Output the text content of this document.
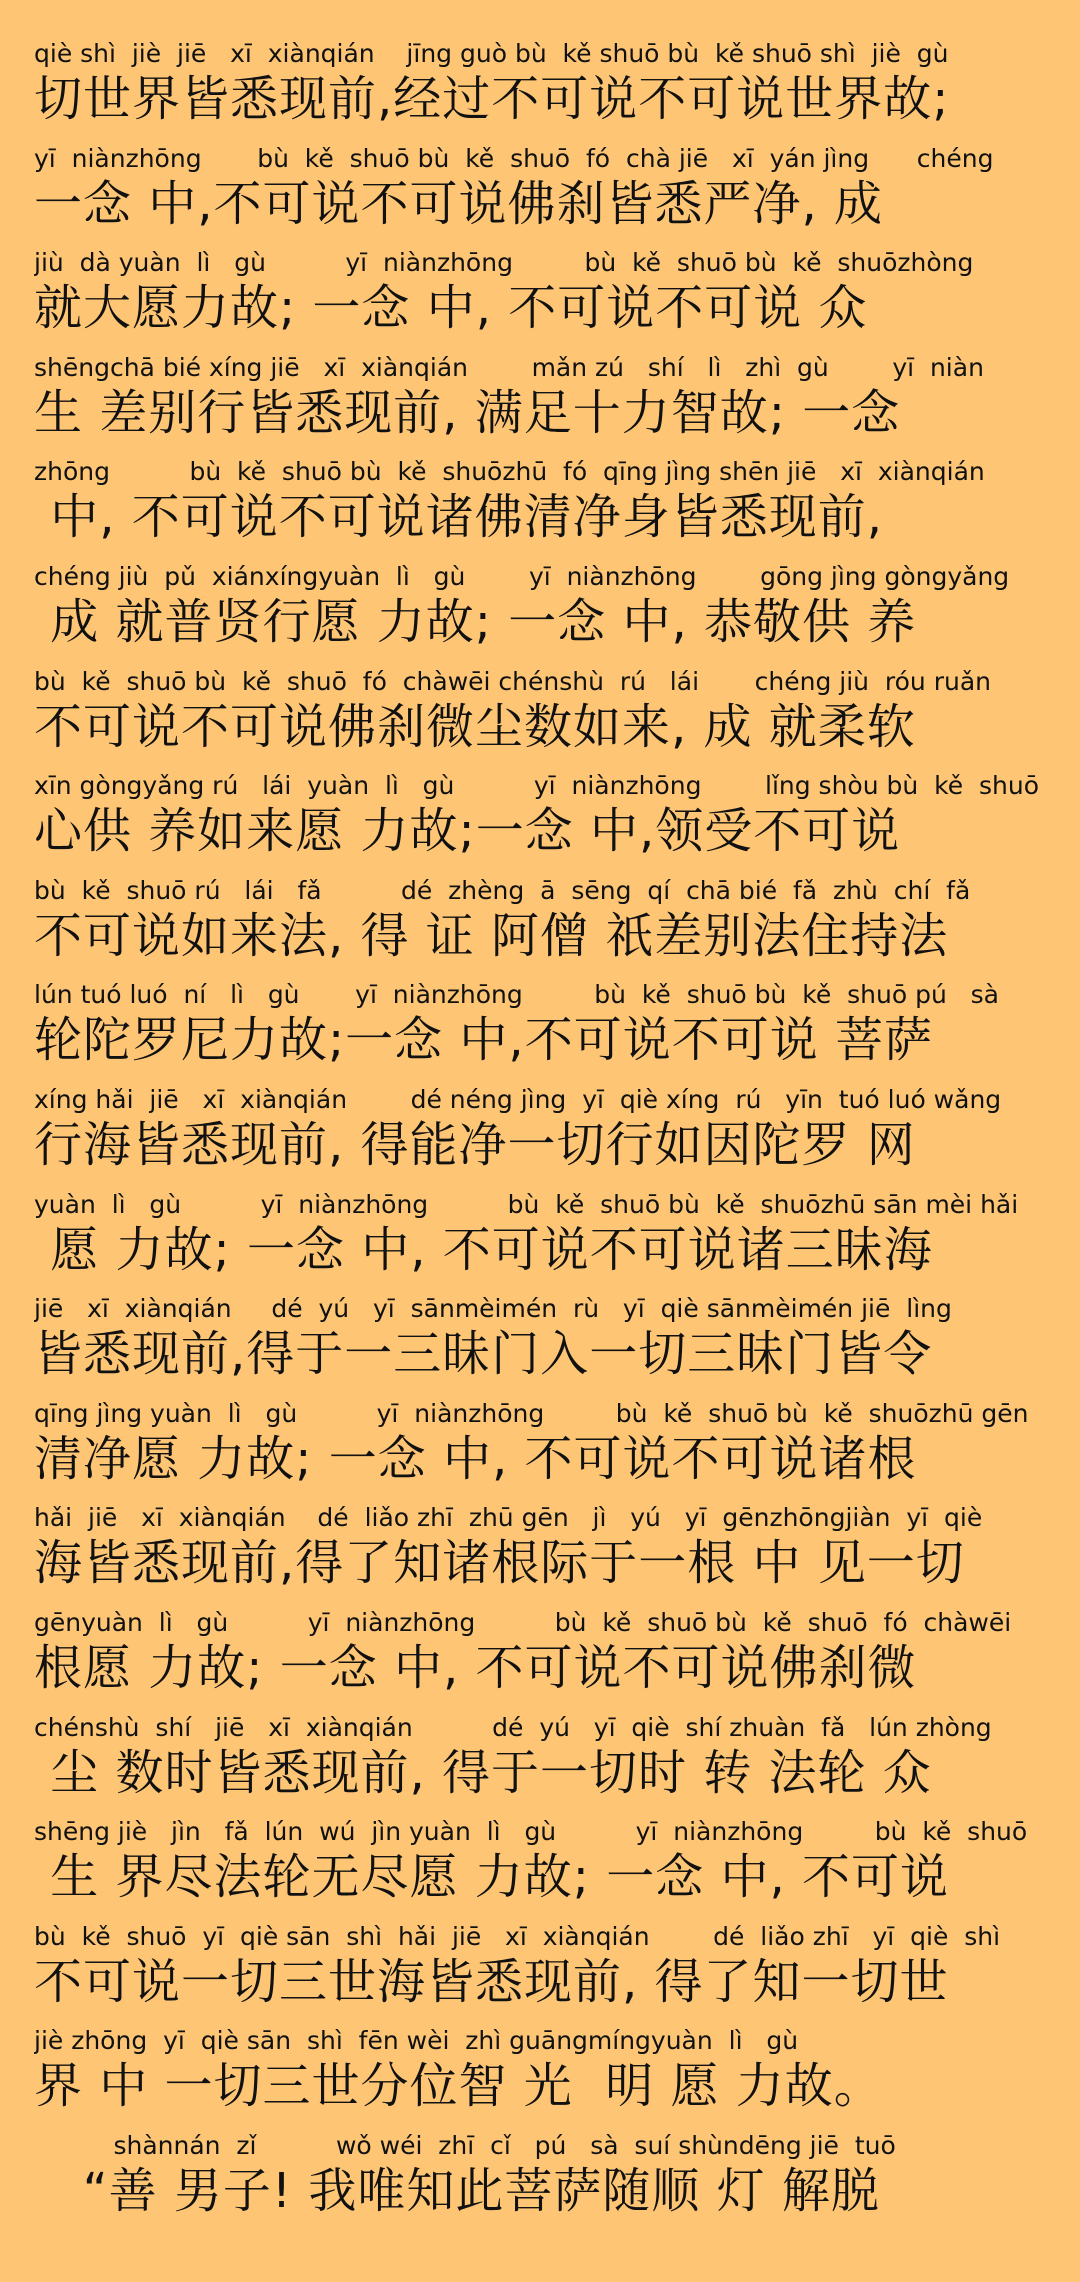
qiè shì  jiè  jiē   xī  xiànqián    jīng guò bù  kě shuō bù  kě shuō shì  jiè  gù
切世界皆悉现前,经过不可说不可说世界故;
yī  niànzhōng       bù  kě  shuō bù  kě  shuō  fó  chà jiē   xī  yán jìng      chéng
一念 中,不可说不可说佛刹皆悉严净, 成
jiù  dà yuàn  lì   gù          yī  niànzhōng         bù  kě  shuō bù  kě  shuōzhòng
就大愿力故; 一念 中, 不可说不可说 众
shēngchā bié xíng jiē   xī  xiànqián        mǎn zú   shí   lì   zhì  gù        yī  niàn
生 差别行皆悉现前, 满足十力智故; 一念
zhōng          bù  kě  shuō bù  kě  shuōzhū  fó  qīng jìng shēn jiē   xī  xiànqián
中, 不可说不可说诸佛清净身皆悉现前,
chéng jiù  pǔ  xiánxíngyuàn  lì   gù        yī  niànzhōng        gōng jìng gòngyǎng
成 就普贤行愿 力故; 一念 中, 恭敬供 养
bù  kě  shuō bù  kě  shuō  fó  chàwēi chénshù  rú   lái       chéng jiù  róu ruǎn
不可说不可说佛刹微尘数如来, 成 就柔软
xīn gòngyǎng rú   lái  yuàn  lì   gù          yī  niànzhōng        lǐng shòu bù  kě  shuō
心供 养如来愿 力故;一念 中,领受不可说
bù  kě  shuō rú   lái   fǎ          dé  zhèng  ā  sēng  qí  chā bié  fǎ  zhù  chí  fǎ
不可说如来法, 得 证 阿僧 祇差别法住持法
lún tuó luó  ní   lì   gù       yī  niànzhōng         bù  kě  shuō bù  kě  shuō pú   sà
轮陀罗尼力故;一念 中,不可说不可说 菩萨
xíng hǎi  jiē   xī  xiànqián        dé néng jìng  yī  qiè xíng  rú   yīn  tuó luó wǎng
行海皆悉现前, 得能净一切行如因陀罗 网
yuàn  lì   gù          yī  niànzhōng          bù  kě  shuō bù  kě  shuōzhū sān mèi hǎi
愿 力故; 一念 中, 不可说不可说诸三昧海
jiē   xī  xiànqián     dé  yú   yī  sānmèimén  rù   yī  qiè sānmèimén jiē  lìng
皆悉现前,得于一三昧门入一切三昧门皆令
qīng jìng yuàn  lì   gù          yī  niànzhōng         bù  kě  shuō bù  kě  shuōzhū gēn
清净愿 力故; 一念 中, 不可说不可说诸根
hǎi  jiē   xī  xiànqián    dé  liǎo zhī  zhū gēn   jì   yú   yī  gēnzhōngjiàn  yī  qiè
海皆悉现前,得了知诸根际于一根 中 见一切
gēnyuàn  lì   gù          yī  niànzhōng          bù  kě  shuō bù  kě  shuō  fó  chàwēi
根愿 力故; 一念 中, 不可说不可说佛刹微
chénshù  shí   jiē   xī  xiànqián          dé  yú   yī  qiè  shí zhuàn  fǎ   lún zhòng
尘 数时皆悉现前, 得于一切时 转 法轮 众
shēng jiè   jìn   fǎ  lún  wú  jìn yuàn  lì   gù          yī  niànzhōng         bù  kě  shuō
生 界尽法轮无尽愿 力故; 一念 中, 不可说
bù  kě  shuō  yī  qiè sān  shì  hǎi  jiē   xī  xiànqián        dé  liǎo zhī   yī  qiè  shì
不可说一切三世海皆悉现前, 得了知一切世
jiè zhōng  yī  qiè sān  shì  fēn wèi  zhì guāngmíngyuàn  lì   gù
界 中 一切三世分位智 光  明 愿 力故。
shànnán  zǐ          wǒ wéi  zhī  cǐ   pú   sà  suí shùndēng jiē  tuō
“善 男子! 我唯知此菩萨随顺 灯 解脱
